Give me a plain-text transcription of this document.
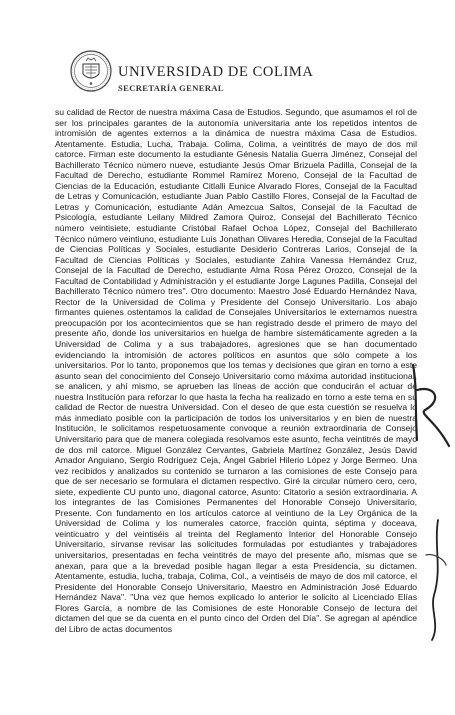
UNIVERSIDAD DE COLIMA
SECRETARÍA GENERAL

su calidad de Rector de nuestra máxima Casa de Estudios. Segundo, que asumamos el rol de ser los principales garantes de la autonomía universitaria ante los repetidos intentos de intromisión de agentes externos a la dinámica de nuestra máxima Casa de Estudios. Atentamente. Estudia, Lucha, Trabaja. Colima, Colima, a veintitrés de mayo de dos mil catorce. Firman este documento la estudiante Génesis Natalia Guerra Jiménez, Consejal del Bachillerato Técnico número nueve, estudiante Jesús Omar Brizuela Padilla, Consejal de la Facultad de Derecho, estudiante Rommel Ramírez Moreno, Consejal de la Facultad de Ciencias de la Educación, estudiante Citlalli Eunice Alvarado Flores, Consejal de la Facultad de Letras y Comunicación, estudiante Juan Pablo Castillo Flores, Consejal de la Facultad de Letras y Comunicación, estudiante Adán Amezcua Saltos, Consejal de la Facultad de Psicología, estudiante Leilany Mildred Zamora Quiroz, Consejal del Bachillerato Técnico número veintisiete, estudiante Cristóbal Rafael Ochoa López, Consejal del Bachillerato Técnico número veintiuno, estudiante Luis Jonathan Olivares Heredia, Consejal de la Facultad de Ciencias Políticas y Sociales, estudiante Desiderio Contreras Larios, Consejal de la Facultad de Ciencias Políticas y Sociales, estudiante Zahira Vanessa Hernández Cruz, Consejal de la Facultad de Derecho, estudiante Alma Rosa Pérez Orozco, Consejal de la Facultad de Contabilidad y Administración y el estudiante Jorge Lagunes Padilla, Consejal del Bachillerato Técnico número tres". Otro documento: Maestro José Eduardo Hernández Nava, Rector de la Universidad de Colima y Presidente del Consejo Universitario. Los abajo firmantes quienes ostentamos la calidad de Consejales Universitarios le externamos nuestra preocupación por los acontecimientos que se han registrado desde el primero de mayo del presente año, donde los universitarios en huelga de hambre sistemáticamente agreden a la Universidad de Colima y a sus trabajadores, agresiones que se han documentado evidenciando la intromisión de actores políticos en asuntos que sólo compete a los universitarios. Por lo tanto, proponemos que los temas y decisiones que giran en torno a este asunto sean del conocimiento del Consejo Universitario como máxima autoridad institucional, se analicen, y ahí mismo, se aprueben las líneas de acción que conducirán el actuar de nuestra Institución para reforzar lo que hasta la fecha ha realizado en torno a este tema en su calidad de Rector de nuestra Universidad. Con el deseo de que esta cuestión se resuelva lo más inmediato posible con la participación de todos los universitarios y en bien de nuestra Institución, le solicitamos respetuosamente convoque a reunión extraordinaria de Consejo Universitario para que de manera colegiada resolvamos este asunto, fecha veintitrés de mayo de dos mil catorce. Miguel González Cervantes, Gabriela Martínez González, Jesús David Amador Anguiano, Sergio Rodríguez Ceja, Ángel Gabriel Hilerio López y Jorge Bermeo. Una vez recibidos y analizados su contenido se turnaron a las comisiones de este Consejo para que de ser necesario se formulara el dictamen respectivo. Giré la circular número cero, cero, siete, expediente CU punto uno, diagonal catorce, Asunto: Citatorio a sesión extraordinaria. A los integrantes de las Comisiones Permanentes del Honorable Consejo Universitario, Presente. Con fundamento en los artículos catorce al veintiuno de la Ley Orgánica de la Universidad de Colima y los numerales catorce, fracción quinta, séptima y doceava, veinticuatro y del veintiséis al treinta del Reglamento Interior del Honorable Consejo Universitario, sírvanse revisar las solicitudes formuladas por estudiantes y trabajadores universitarios, presentadas en fecha veintitrés de mayo del presente año, mismas que se anexan, para que a la brevedad posible hagan llegar a esta Presidencia, su dictamen. Atentamente, estudia, lucha, trabaja, Colima, Col., a veintiséis de mayo de dos mil catorce, el Presidente del Honorable Consejo Universitario, Maestro en Administración José Eduardo Hernández Nava". "Una vez que hemos explicado lo anterior le solicito al Licenciado Elías Flores García, a nombre de las Comisiones de este Honorable Consejo de lectura del dictamen del que se da cuenta en el punto cinco del Orden del Día". Se agregan al apéndice del Libro de actas documentos
